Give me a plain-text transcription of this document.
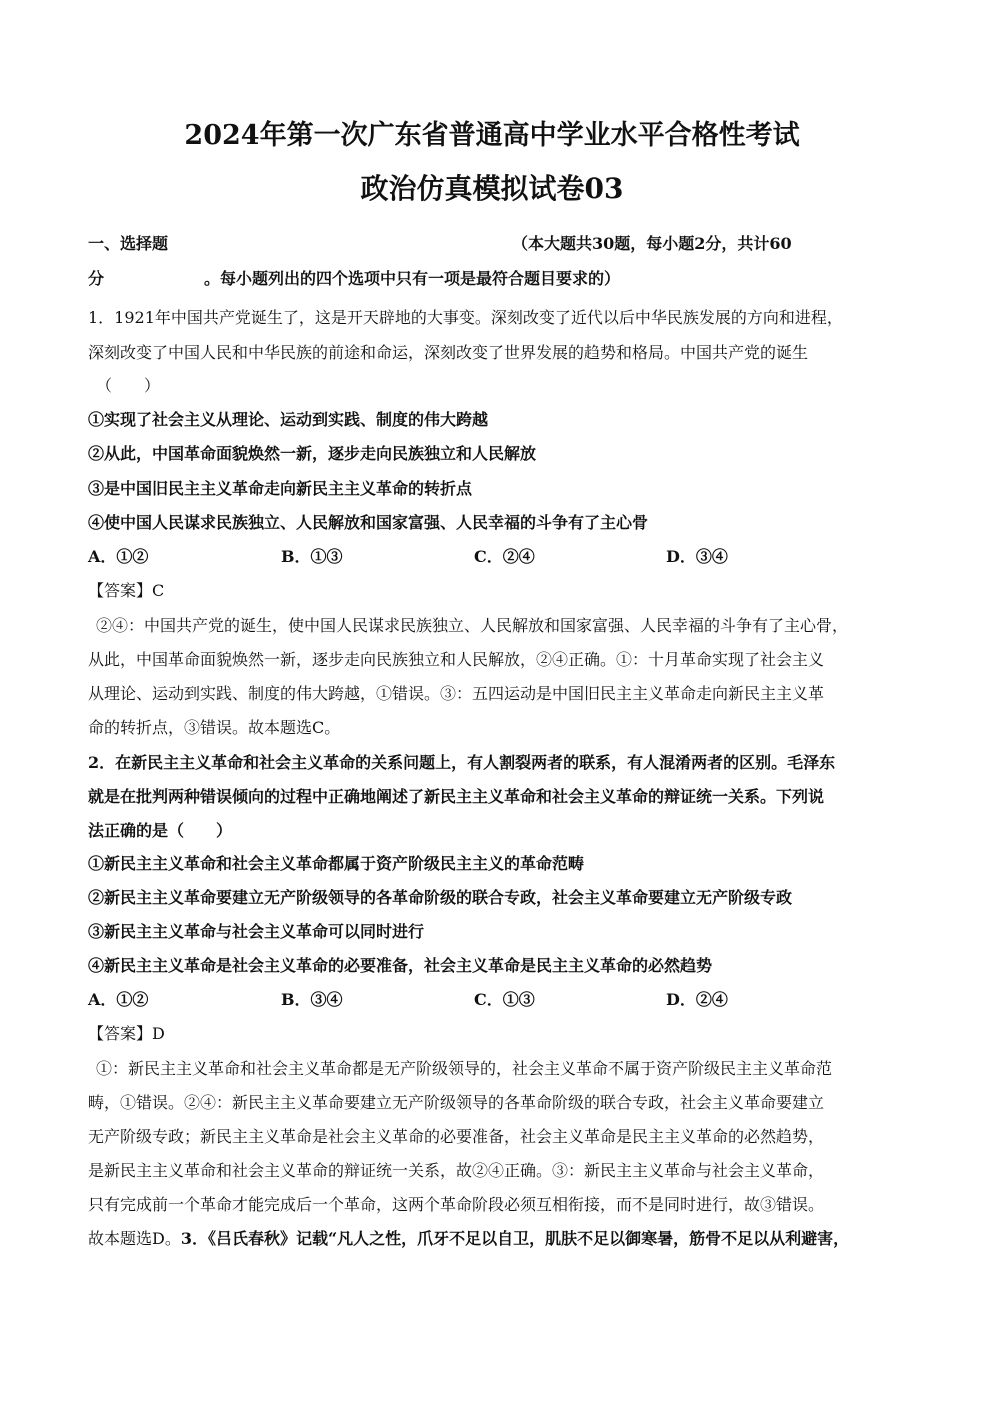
2024年第一次广东省普通高中学业水平合格性考试
政治仿真模拟试卷03
一、选择题	（本大题共30题，每小题2分，共计60
分	。每小题列出的四个选项中只有一项是最符合题目要求的）
1．1921年中国共产党诞生了，这是开天辟地的大事变。深刻改变了近代以后中华民族发展的方向和进程，
深刻改变了中国人民和中华民族的前途和命运，深刻改变了世界发展的趋势和格局。中国共产党的诞生
（　　）
①实现了社会主义从理论、运动到实践、制度的伟大跨越
②从此，中国革命面貌焕然一新，逐步走向民族独立和人民解放
③是中国旧民主主义革命走向新民主主义革命的转折点
④使中国人民谋求民族独立、人民解放和国家富强、人民幸福的斗争有了主心骨
A．①②	B．①③	C．②④	D．③④
【答案】C
②④：中国共产党的诞生，使中国人民谋求民族独立、人民解放和国家富强、人民幸福的斗争有了主心骨，
从此，中国革命面貌焕然一新，逐步走向民族独立和人民解放，②④正确。①：十月革命实现了社会主义
从理论、运动到实践、制度的伟大跨越，①错误。③：五四运动是中国旧民主主义革命走向新民主主义革
命的转折点，③错误。故本题选C。
2．在新民主主义革命和社会主义革命的关系问题上，有人割裂两者的联系，有人混淆两者的区别。毛泽东
就是在批判两种错误倾向的过程中正确地阐述了新民主主义革命和社会主义革命的辩证统一关系。下列说
法正确的是（　　）
①新民主主义革命和社会主义革命都属于资产阶级民主主义的革命范畴
②新民主主义革命要建立无产阶级领导的各革命阶级的联合专政，社会主义革命要建立无产阶级专政
③新民主主义革命与社会主义革命可以同时进行
④新民主主义革命是社会主义革命的必要准备，社会主义革命是民主主义革命的必然趋势
A．①②	B．③④	C．①③	D．②④
【答案】D
①：新民主主义革命和社会主义革命都是无产阶级领导的，社会主义革命不属于资产阶级民主主义革命范
畴，①错误。②④：新民主主义革命要建立无产阶级领导的各革命阶级的联合专政，社会主义革命要建立
无产阶级专政；新民主主义革命是社会主义革命的必要准备，社会主义革命是民主主义革命的必然趋势，
是新民主主义革命和社会主义革命的辩证统一关系，故②④正确。③：新民主主义革命与社会主义革命，
只有完成前一个革命才能完成后一个革命，这两个革命阶段必须互相衔接，而不是同时进行，故③错误。
故本题选D。3．《吕氏春秋》记载“凡人之性，爪牙不足以自卫，肌肤不足以御寒暑，筋骨不足以从利避害，
